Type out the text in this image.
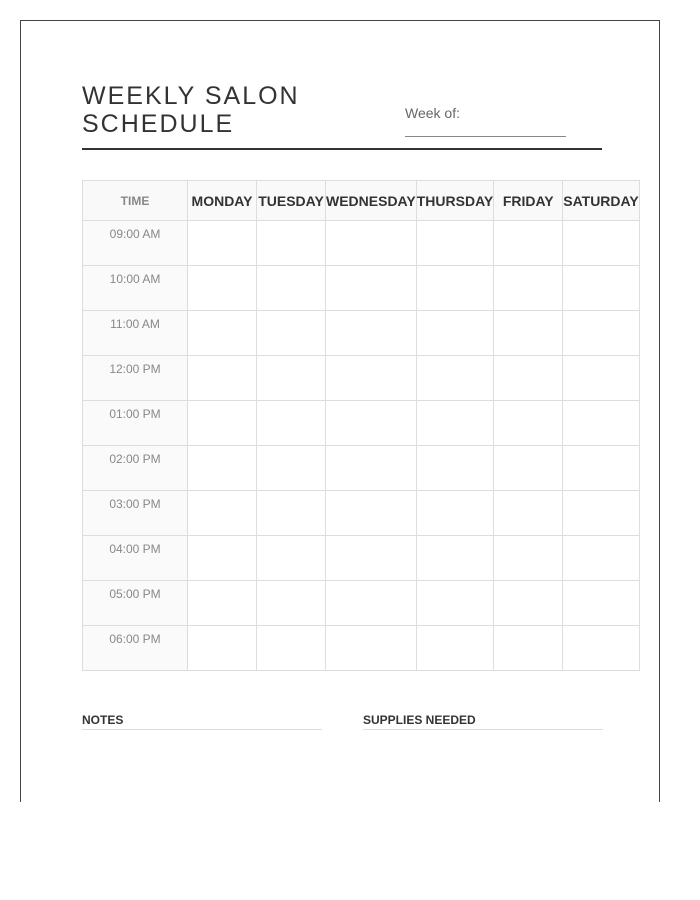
WEEKLY SALON
SCHEDULE	Week of:
TIME	MONDAY	TUESDAY	WEDNESDAY	THURSDAY	FRIDAY	SATURDAY
09:00 AM						
10:00 AM						
11:00 AM						
12:00 PM						
01:00 PM						
02:00 PM						
03:00 PM						
04:00 PM						
05:00 PM						
06:00 PM						
NOTES	SUPPLIES NEEDED
